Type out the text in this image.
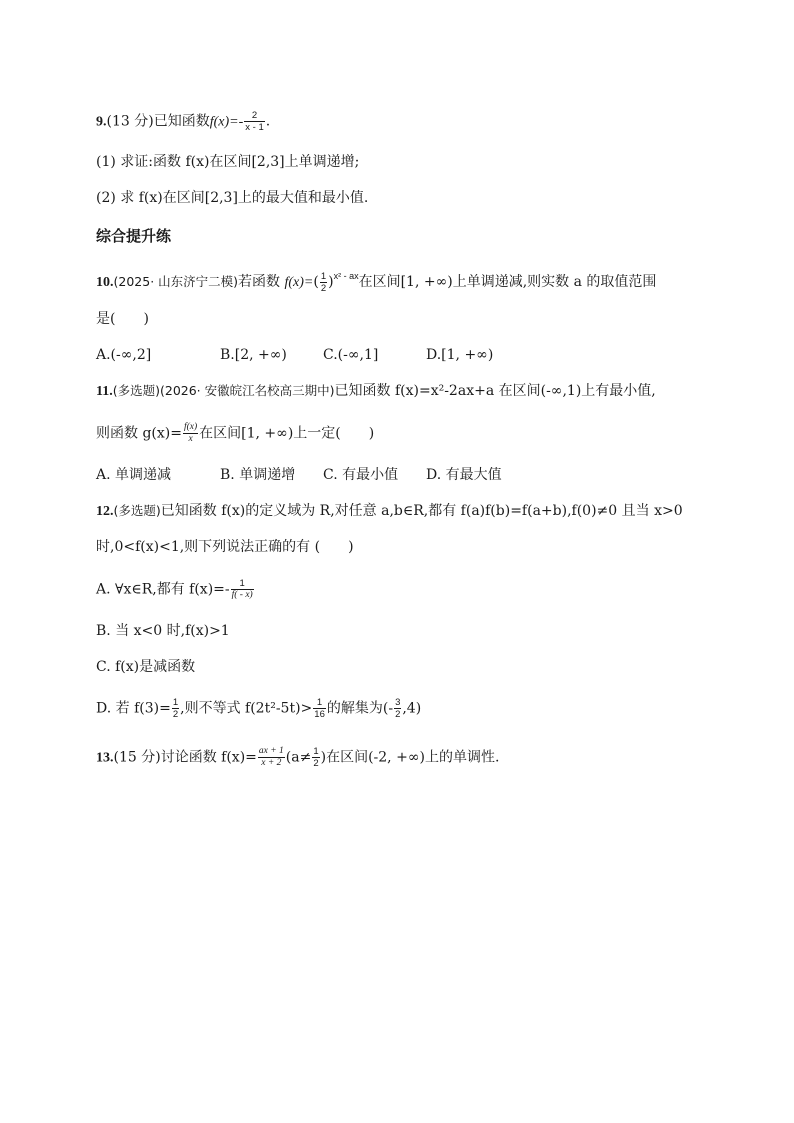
9.(13 分)已知函数$f(x)=- \frac{2}{x - 1}$ .
(1) 求证:函数 f(x)在区间[2,3]上单调递增;
(2) 求 f(x)在区间[2,3]上的最大值和最小值.
综合提升练
10.(2025· 山东济宁二模)若函数 $f(x)=( \frac{1}{2} )^{x^2 - ax}$在区间[1, +∞)上单调递减,则实数 a 的取值范围
是(　　)
A.(-∞,2]	B.[2, +∞)	C.(-∞,1]	D.[1, +∞)
11.(多选题)(2026· 安徽皖江名校高三期中)已知函数 f(x)=x²-2ax+a 在区间(-∞,1)上有最小值,
则函数 $g(x)= \frac{f(x)}{x}$ 在区间[1, +∞)上一定(　　)
A. 单调递减	B. 单调递增 C. 有最小值 D. 有最大值
12.(多选题)已知函数 f(x)的定义域为 R,对任意 a,b∈R,都有 f(a)f(b)=f(a+b),f(0)≠0 且当 x>0
时,0<f(x)<1,则下列说法正确的有 (　　)
A. ∀x∈R,都有 $f(x)=- \frac{1}{f( - x)}$
B. 当 x<0 时,f(x)>1
C. f(x)是减函数
D. 若 $f(3)= \frac{1}{2}$ ,则不等式 $f(2t^2-5t)> \frac{1}{16}$ 的解集为(- $\frac{3}{2} ,4$)
13.(15 分)讨论函数 $f(x)= \frac{ax + 1}{x + 2} (a\ne \frac{1}{2}$ )在区间(-2, +∞)上的单调性.
